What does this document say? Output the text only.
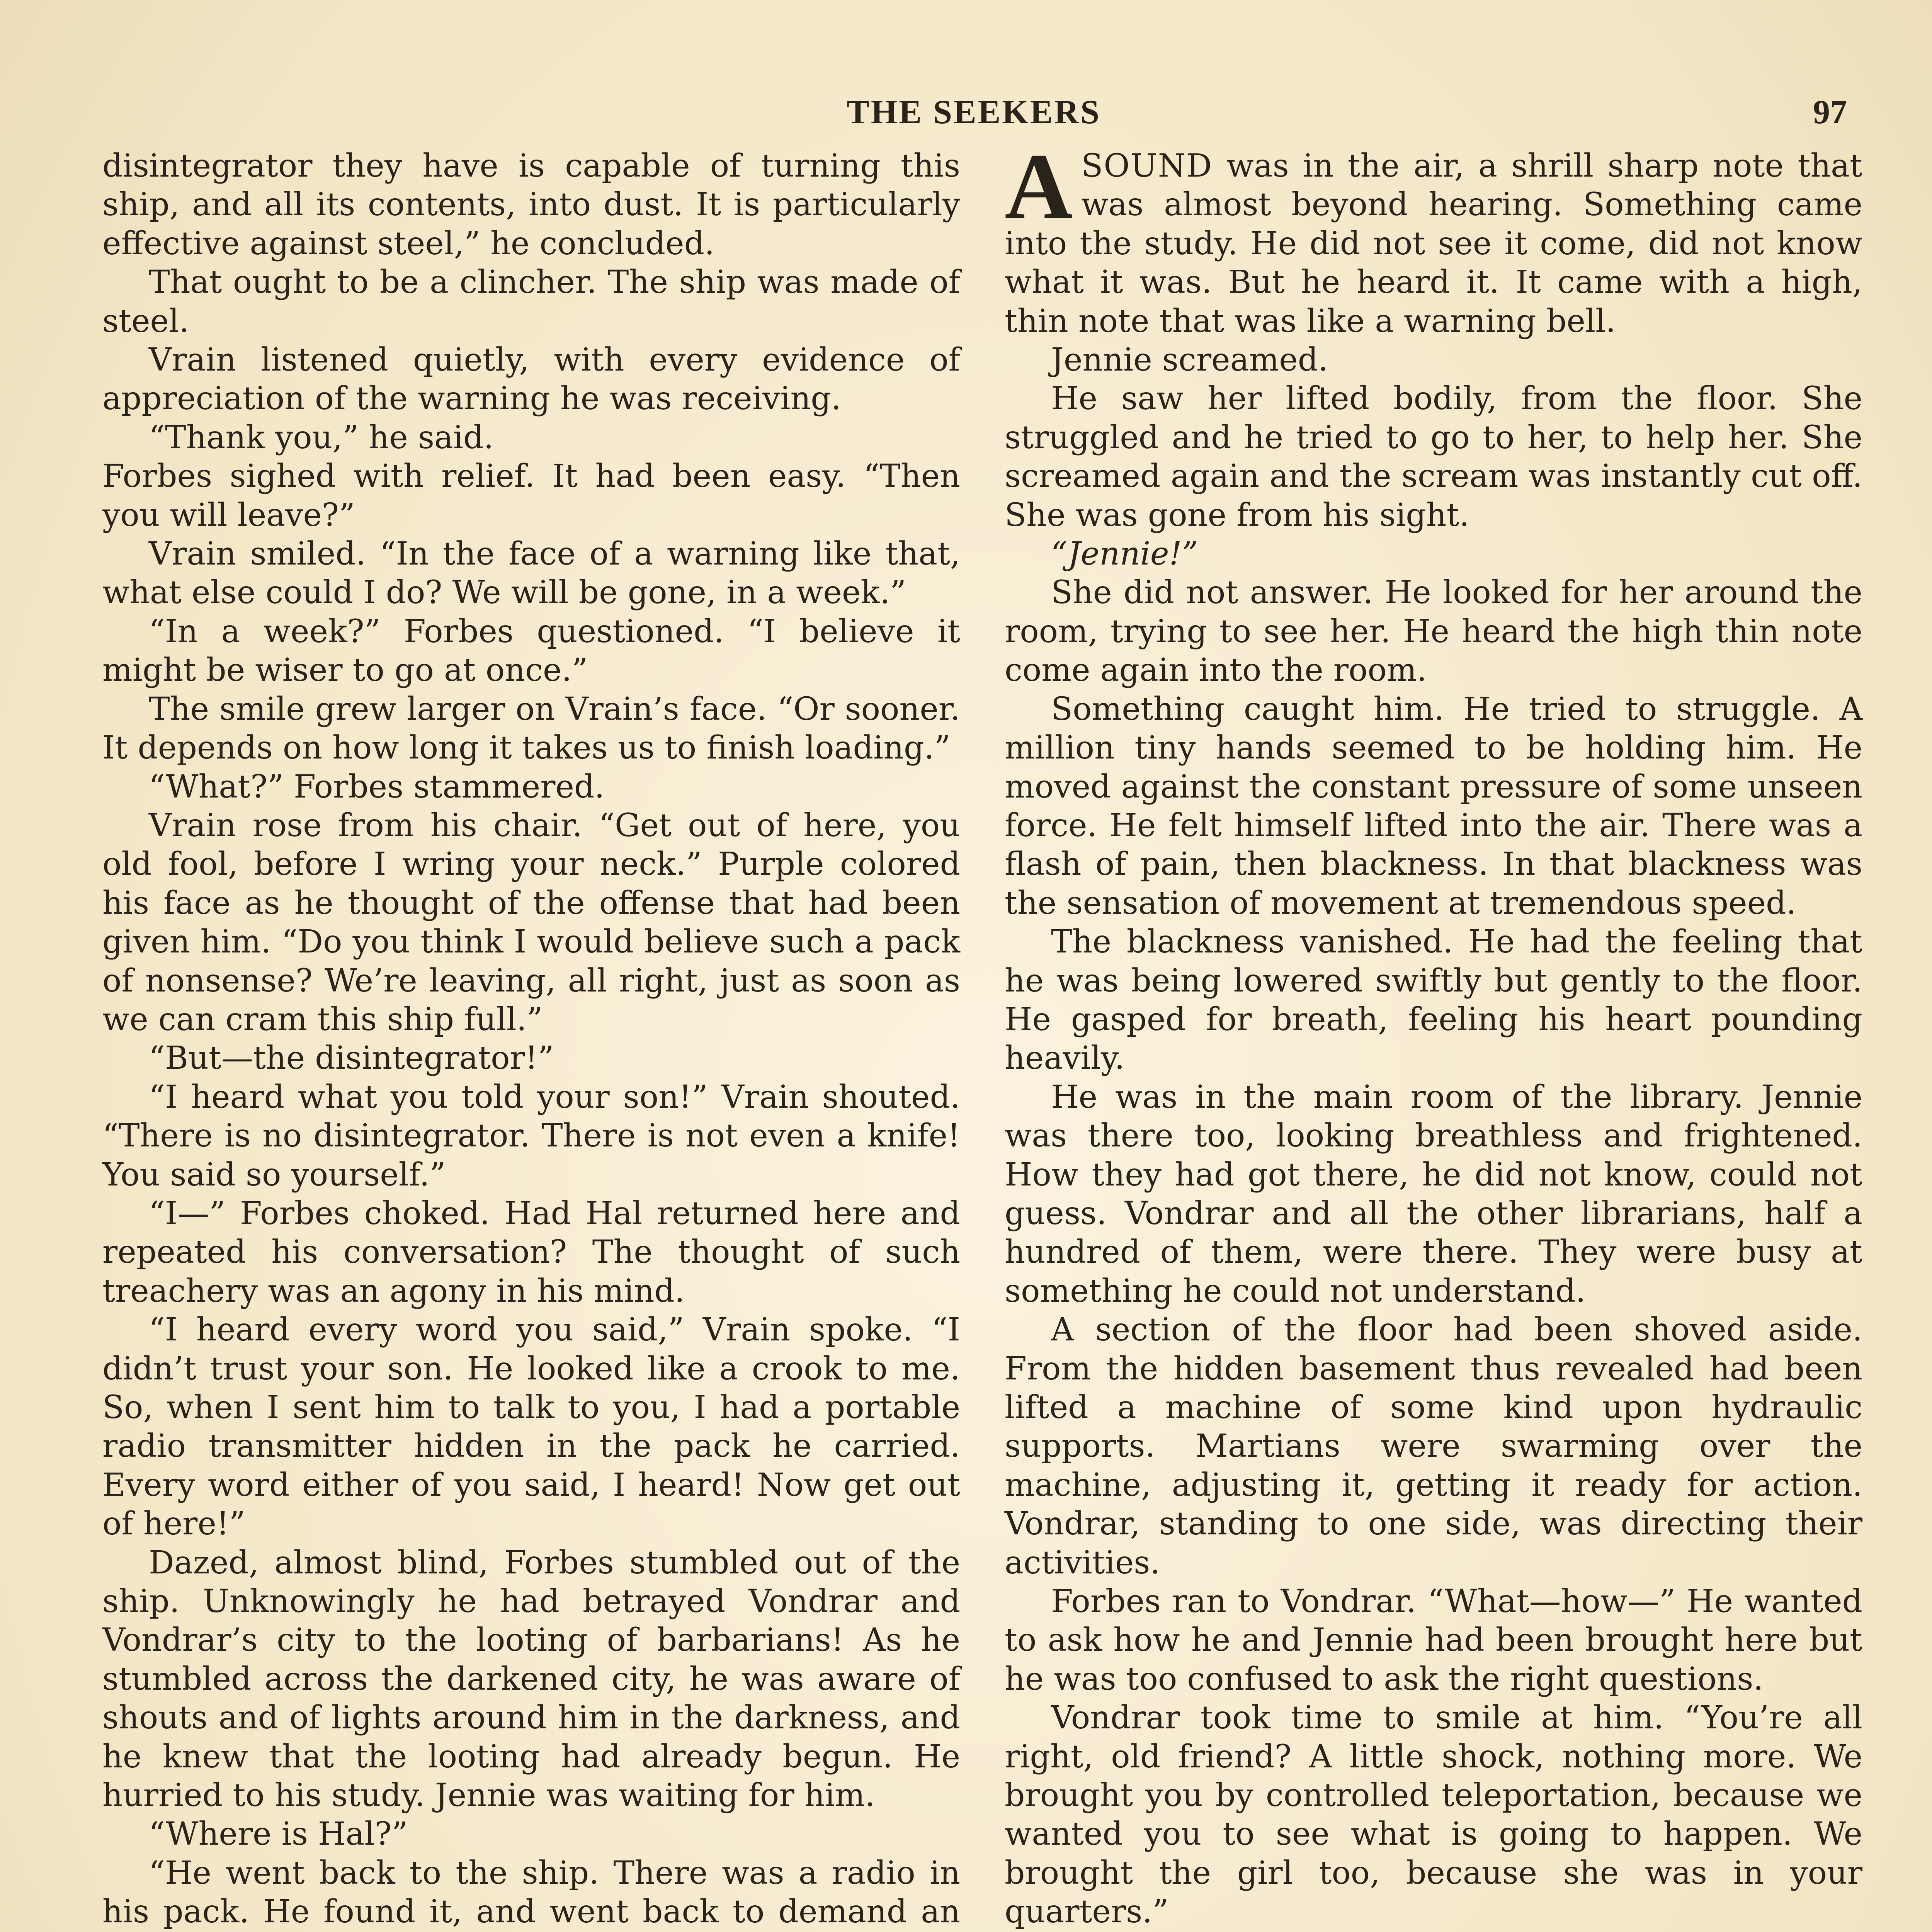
THE SEEKERS	97

disintegrator they have is capable of turning this ship, and all its contents, into dust. It is particularly effective against steel,” he concluded.

That ought to be a clincher. The ship was made of steel.

Vrain listened quietly, with every evidence of appreciation of the warning he was receiving.

“Thank you,” he said.

Forbes sighed with relief. It had been easy. “Then you will leave?”

Vrain smiled. “In the face of a warning like that, what else could I do? We will be gone, in a week.”

“In a week?” Forbes questioned. “I believe it might be wiser to go at once.”

The smile grew larger on Vrain’s face. “Or sooner. It depends on how long it takes us to finish loading.”

“What?” Forbes stammered.

Vrain rose from his chair. “Get out of here, you old fool, before I wring your neck.” Purple colored his face as he thought of the offense that had been given him. “Do you think I would believe such a pack of nonsense? We’re leaving, all right, just as soon as we can cram this ship full.”

“But—the disintegrator!”

“I heard what you told your son!” Vrain shouted. “There is no disintegrator. There is not even a knife! You said so yourself.”

“I—” Forbes choked. Had Hal returned here and repeated his conversation? The thought of such treachery was an agony in his mind.

“I heard every word you said,” Vrain spoke. “I didn’t trust your son. He looked like a crook to me. So, when I sent him to talk to you, I had a portable radio transmitter hidden in the pack he carried. Every word either of you said, I heard! Now get out of here!”

Dazed, almost blind, Forbes stumbled out of the ship. Unknowingly he had betrayed Vondrar and Vondrar’s city to the looting of barbarians! As he stumbled across the darkened city, he was aware of shouts and of lights around him in the darkness, and he knew that the looting had already begun. He hurried to his study. Jennie was waiting for him.

“Where is Hal?”

“He went back to the ship. There was a radio in his pack. He found it, and went back to demand an

ASOUND was in the air, a shrill sharp note that was almost beyond hearing. Something came into the study. He did not see it come, did not know what it was. But he heard it. It came with a high, thin note that was like a warning bell.

Jennie screamed.

He saw her lifted bodily, from the floor. She struggled and he tried to go to her, to help her. She screamed again and the scream was instantly cut off. She was gone from his sight.

“Jennie!”

She did not answer. He looked for her around the room, trying to see her. He heard the high thin note come again into the room.

Something caught him. He tried to struggle. A million tiny hands seemed to be holding him. He moved against the constant pressure of some unseen force. He felt himself lifted into the air. There was a flash of pain, then blackness. In that blackness was the sensation of movement at tremendous speed.

The blackness vanished. He had the feeling that he was being lowered swiftly but gently to the floor. He gasped for breath, feeling his heart pounding heavily.

He was in the main room of the library. Jennie was there too, looking breathless and frightened. How they had got there, he did not know, could not guess. Vondrar and all the other librarians, half a hundred of them, were there. They were busy at something he could not understand.

A section of the floor had been shoved aside. From the hidden basement thus revealed had been lifted a machine of some kind upon hydraulic supports. Martians were swarming over the machine, adjusting it, getting it ready for action. Vondrar, standing to one side, was directing their activities.

Forbes ran to Vondrar. “What—how—” He wanted to ask how he and Jennie had been brought here but he was too confused to ask the right questions.

Vondrar took time to smile at him. “You’re all right, old friend? A little shock, nothing more. We brought you by controlled teleportation, because we wanted you to see what is going to happen. We brought the girl too, because she was in your quarters.”
